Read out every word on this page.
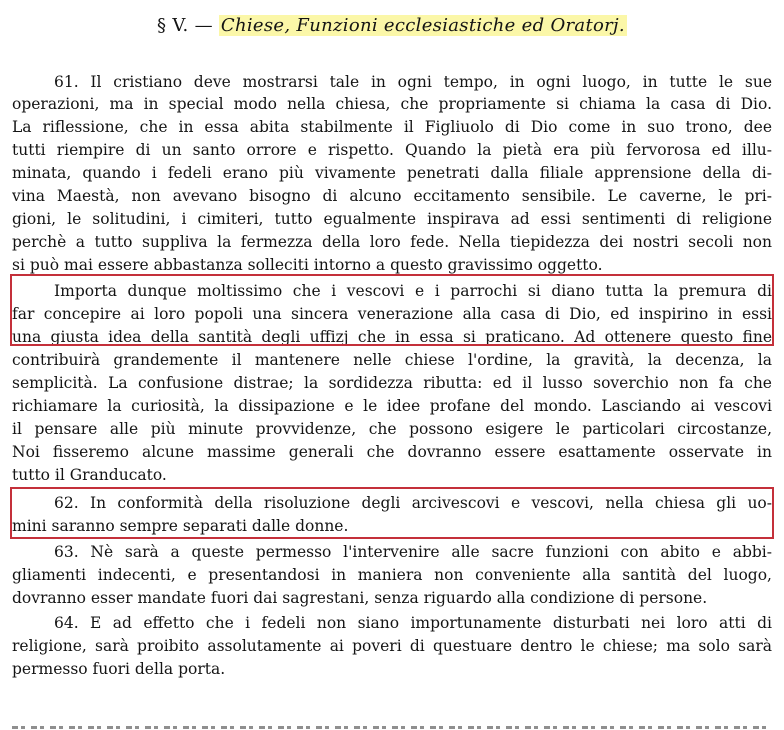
§ V. — Chiese, Funzioni ecclesiastiche ed Oratorj.
61. Il cristiano deve mostrarsi tale in ogni tempo, in ogni luogo, in tutte le sue
operazioni, ma in special modo nella chiesa, che propriamente si chiama la casa di Dio.
La riflessione, che in essa abita stabilmente il Figliuolo di Dio come in suo trono, dee
tutti riempire di un santo orrore e rispetto. Quando la pietà era più fervorosa ed illu-
minata, quando i fedeli erano più vivamente penetrati dalla filiale apprensione della di-
vina Maestà, non avevano bisogno di alcuno eccitamento sensibile. Le caverne, le pri-
gioni, le solitudini, i cimiteri, tutto egualmente inspirava ad essi sentimenti di religione
perchè a tutto suppliva la fermezza della loro fede. Nella tiepidezza dei nostri secoli non
si può mai essere abbastanza solleciti intorno a questo gravissimo oggetto.
Importa dunque moltissimo che i vescovi e i parrochi si diano tutta la premura di
far concepire ai loro popoli una sincera venerazione alla casa di Dio, ed inspirino in essi
una giusta idea della santità degli uffizj che in essa si praticano. Ad ottenere questo fine
contribuirà grandemente il mantenere nelle chiese l'ordine, la gravità, la decenza, la
semplicità. La confusione distrae; la sordidezza ributta: ed il lusso soverchio non fa che
richiamare la curiosità, la dissipazione e le idee profane del mondo. Lasciando ai vescovi
il pensare alle più minute provvidenze, che possono esigere le particolari circostanze,
Noi fisseremo alcune massime generali che dovranno essere esattamente osservate in
tutto il Granducato.
62. In conformità della risoluzione degli arcivescovi e vescovi, nella chiesa gli uo-
mini saranno sempre separati dalle donne.
63. Nè sarà a queste permesso l'intervenire alle sacre funzioni con abito e abbi-
gliamenti indecenti, e presentandosi in maniera non conveniente alla santità del luogo,
dovranno esser mandate fuori dai sagrestani, senza riguardo alla condizione di persone.
64. E ad effetto che i fedeli non siano importunamente disturbati nei loro atti di
religione, sarà proibito assolutamente ai poveri di questuare dentro le chiese; ma solo sarà
permesso fuori della porta.
